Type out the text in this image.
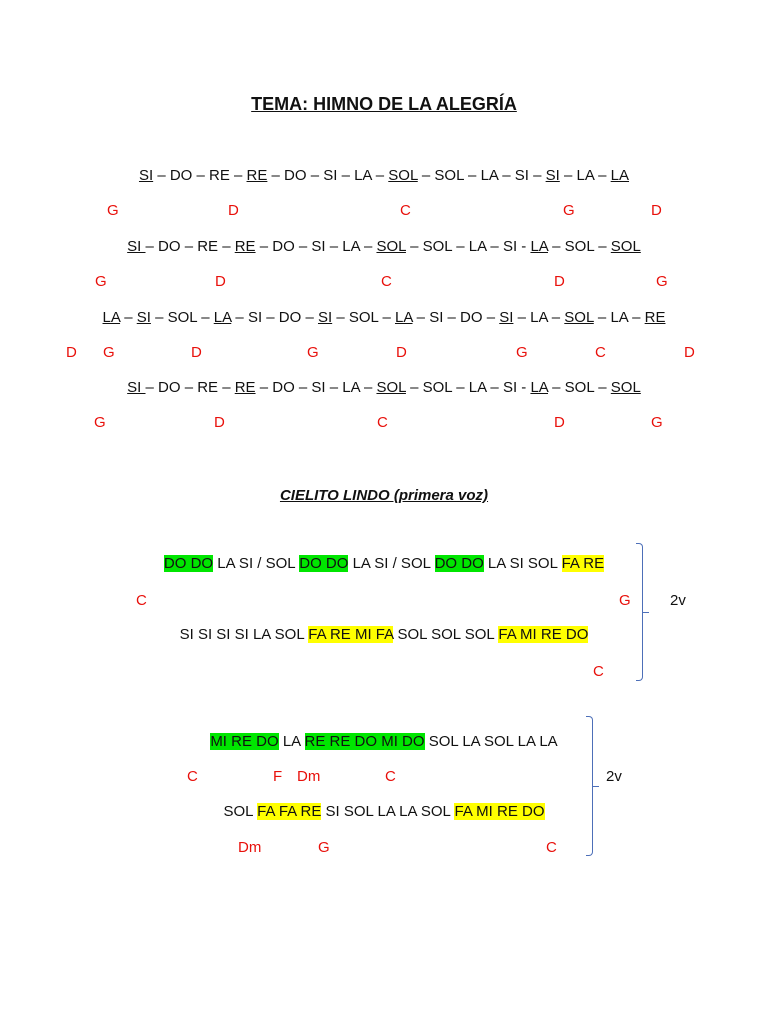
TEMA: HIMNO DE LA ALEGRÍA
SI – DO – RE – RE – DO – SI – LA – SOL – SOL – LA – SI – SI – LA – LA
G	D	C	G	D
SI – DO – RE – RE – DO – SI – LA – SOL – SOL – LA – SI - LA – SOL – SOL
G	D	C	D	G
LA – SI – SOL – LA – SI – DO – SI – SOL – LA – SI – DO – SI – LA – SOL – LA – RE
D G	D	G	D	G	C	D
SI – DO – RE – RE – DO – SI – LA – SOL – SOL – LA – SI - LA – SOL – SOL
G	D	C	D	G
CIELITO LINDO (primera voz)
DO DO LA SI / SOL DO DO LA SI / SOL DO DO LA SI SOL FA RE
C	G
SI SI SI SI LA SOL FA RE MI FA SOL SOL SOL FA MI RE DO
C
2v
MI RE DO LA RE RE DO MI DO SOL LA SOL LA LA
C	F Dm	C
SOL FA FA RE SI SOL LA LA SOL FA MI RE DO
Dm	G	C
2v
